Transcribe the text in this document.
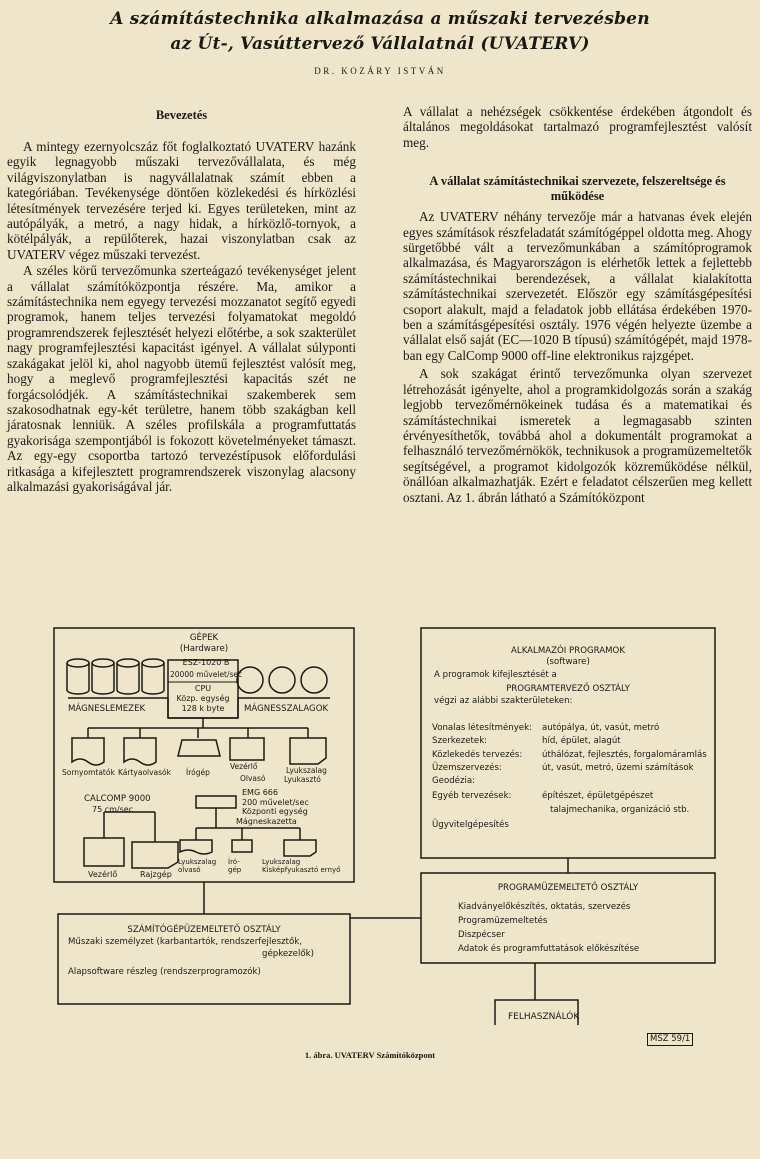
A számítástechnika alkalmazása a műszaki tervezésben
az Út-, Vasúttervező Vállalatnál (UVATERV)
DR. KOZÁRY ISTVÁN
Bevezetés

A mintegy ezernyolcszáz főt foglalkoztató UVATERV hazánk egyik legnagyobb műszaki tervezővállalata, és még világviszonylatban is nagyvállalatnak számít ebben a kategóriában. Tevékenysége döntően közlekedési és hírközlési létesítmények tervezésére terjed ki. Egyes területeken, mint az autópályák, a metró, a nagy hidak, a hírközlő-tornyok, a kötélpályák, a repülőterek, hazai viszonylatban csak az UVATERV végez műszaki tervezést.

A széles körű tervezőmunka szerteágazó tevékenységet jelent a vállalat számítóközpontja részére. Ma, amikor a számítástechnika nem egyegy tervezési mozzanatot segítő egyedi programok, hanem teljes tervezési folyamatokat megoldó programrendszerek fejlesztését helyezi előtérbe, a sok szakterület nagy programfejlesztési kapacitást igényel. A vállalat súlyponti szakágakat jelöl ki, ahol nagyobb ütemű fejlesztést valósít meg, hogy a meglevő programfejlesztési kapacitás szét ne forgácsolódjék. A számítástechnikai szakemberek sem szakosodhatnak egy-két területre, hanem több szakágban kell járatosnak lenniük. A széles profilskála a programfuttatás gyakorisága szempontjából is fokozott követelményeket támaszt. Az egy-egy csoportba tartozó tervezéstípusok előfordulási ritkasága a kifejlesztett programrendszerek viszonylag alacsony alkalmazási gyakoriságával jár.

A vállalat a nehézségek csökkentése érdekében átgondolt és általános megoldásokat tartalmazó programfejlesztést valósít meg.

A vállalat számítástechnikai szervezete, felszereltsége és működése

Az UVATERV néhány tervezője már a hatvanas évek elején egyes számítások részfeladatát számítógéppel oldotta meg. Ahogy sürgetőbbé vált a tervezőmunkában a számítóprogramok alkalmazása, és Magyarországon is elérhetők lettek a fejlettebb számítástechnikai berendezések, a vállalat kialakította számítástechnikai szervezetét. Először egy számításgépesítési csoport alakult, majd a feladatok jobb ellátása érdekében 1970-ben a számításgépesítési osztály. 1976 végén helyezte üzembe a vállalat első saját (EC—1020 B típusú) számítógépét, majd 1978-ban egy CalComp 9000 off-line elektronikus rajzgépet.

A sok szakágat érintő tervezőmunka olyan szervezet létrehozását igényelte, ahol a programkidolgozás során a szakág legjobb tervezőmérnökeinek tudása és a matematikai és számítástechnikai ismeretek a legmagasabb szinten érvényesíthetők, továbbá ahol a dokumentált programokat a felhasználó tervezőmérnökök, technikusok a programüzemeltetők segítségével, a programot kidolgozók közreműködése nélkül, önállóan alkalmazhatják. Ezért e feladatot célszerűen meg kellett osztani. Az 1. ábrán látható a Számítóközpont

GÉPEK
(Hardware)
ESZ-1020 B
MÁGNESLEMEZEK	MÁGNESSZALAGOK
20000 művelet/sec
CPU
Közp. egység
128 k byte
Sornyomtatók Kártyaolvasók Írógép
Vezérlő
Olvasó
Lyukszalag
Lyukasztó
CALCOMP 9000
75 cm/sec
EMG 666
200 művelet/sec
Központi egység
Mágneskazetta
Vezérlő	Rajzgép
Lyukszalag olvasó
Író-gép
Lyukszalag Kisképfyukasztó ernyő
ALKALMAZÓI PROGRAMOK
(software)
A programok kifejlesztését a
PROGRAMTERVEZŐ OSZTÁLY
végzi az alábbi szakterületeken:
Vonalas létesítmények:
Szerkezetek:
Közlekedés tervezés:
Üzemszervezés:
Geodézia:
Egyéb tervezések:

Ügyvitelgépesítés
autópálya, út, vasút, metró
híd, épület, alagút
úthálózat, fejlesztés, forgalomáramlás
út, vasút, metró, üzemi számítások

építészet, épületgépészet
talajmechanika, organizáció stb.
PROGRAMÜZEMELTETŐ OSZTÁLY
Kiadványelőkészítés, oktatás, szervezés
Programüzemeltetés
Diszpécser
Adatok és programfuttatások előkészítése
SZÁMÍTÓGÉPÜZEMELTETŐ OSZTÁLY
Műszaki személyzet (karbantartók, rendszerfejlesztők,
gépkezelők)
Alapsoftware részleg (rendszerprogramozók)
FELHASZNÁLÓK
MSZ 59/1
1. ábra. UVATERV Számítóközpont
